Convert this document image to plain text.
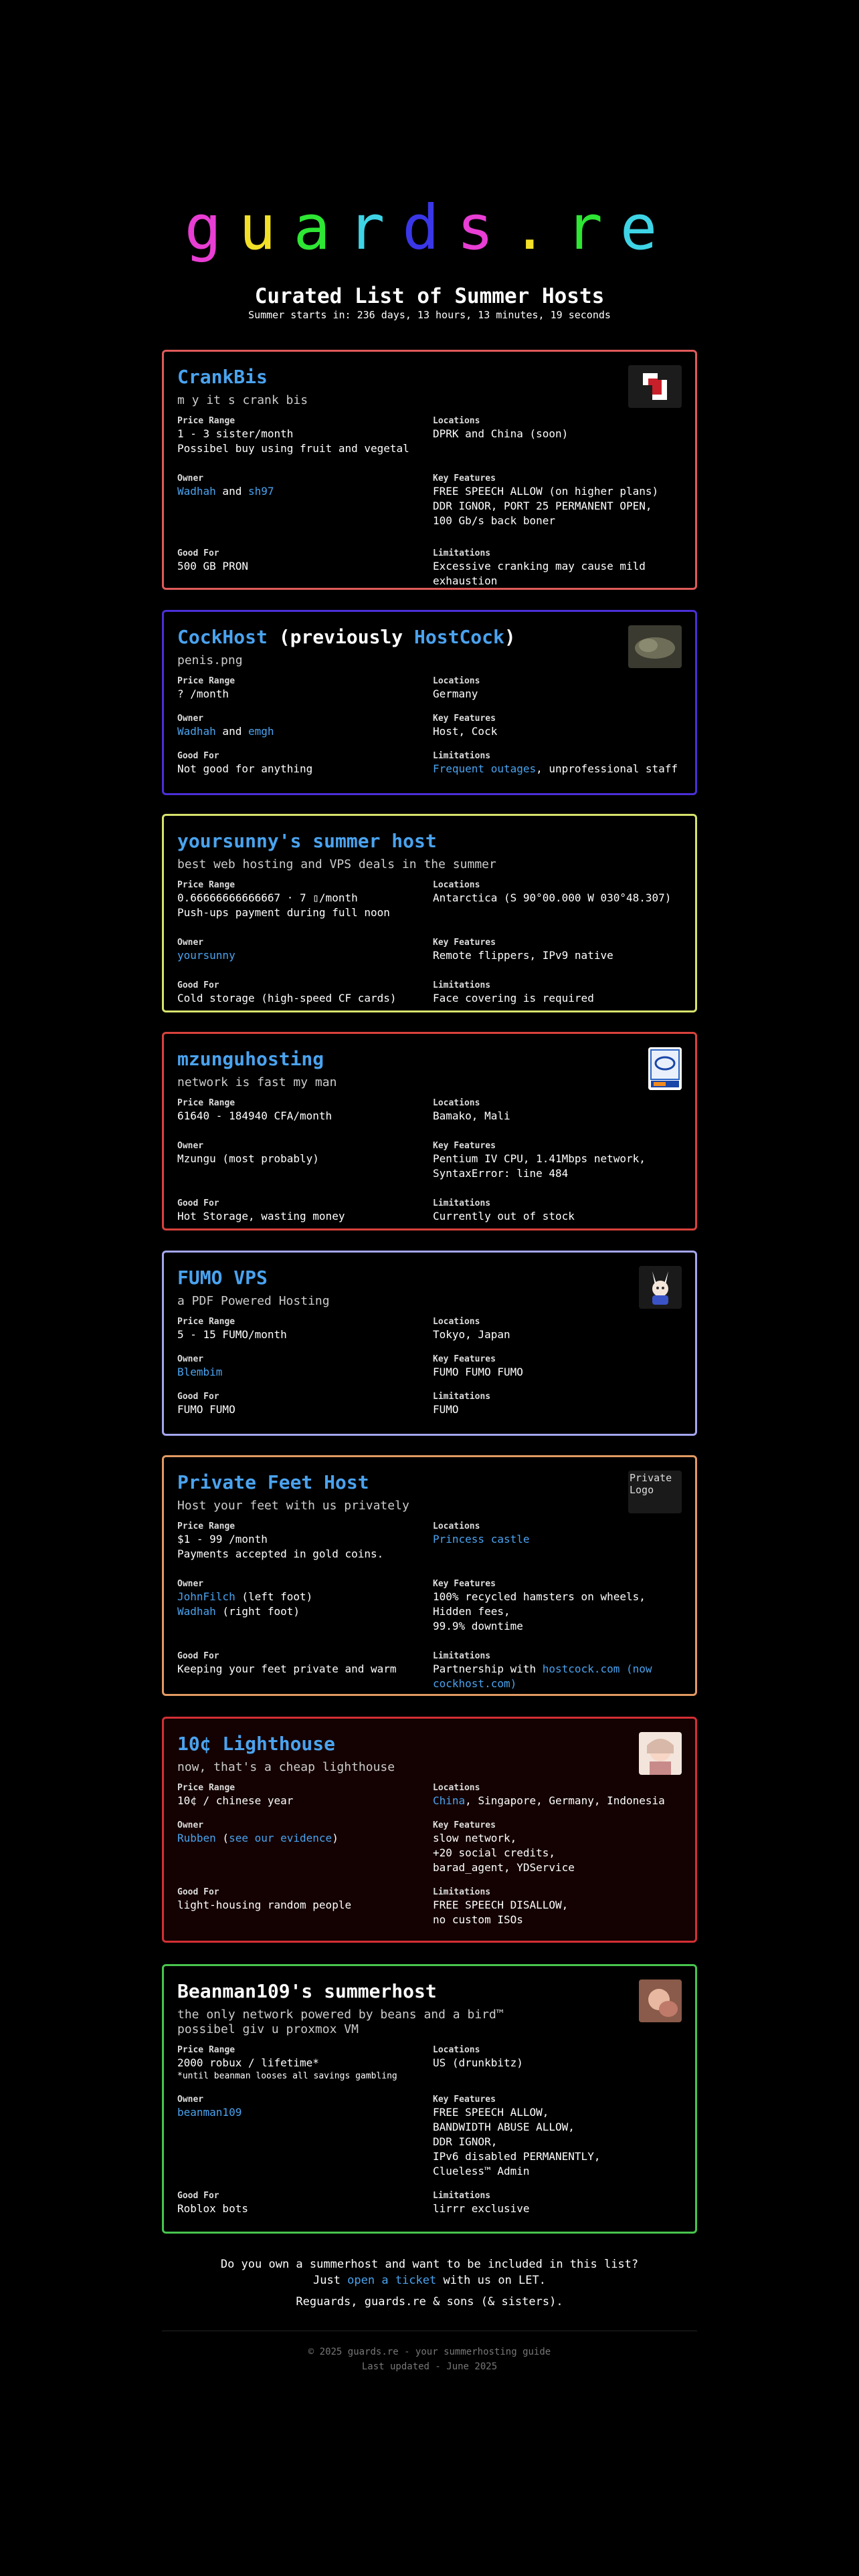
guards.re
Curated List of Summer Hosts
Summer starts in: 236 days, 13 hours, 13 minutes, 19 seconds
CrankBis
m y it s crank bis
Price Range
1 - 3 sister/month
Possibel buy using fruit and vegetal
Locations
DPRK and China (soon)
Owner
Wadhah and sh97
Key Features
FREE SPEECH ALLOW (on higher plans)
DDR IGNOR, PORT 25 PERMANENT OPEN,
100 Gb/s back boner
Good For
500 GB PRON
Limitations
Excessive cranking may cause mild
exhaustion
CockHost (previously HostCock)
penis.png
Price Range
? /month
Locations
Germany
Owner
Wadhah and emgh
Key Features
Host, Cock
Good For
Not good for anything
Limitations
Frequent outages, unprofessional staff
yoursunny's summer host
best web hosting and VPS deals in the summer
Price Range
0.66666666666667 · 7 ▯/month
Push-ups payment during full noon
Locations
Antarctica (S 90°00.000 W 030°48.307)
Owner
yoursunny
Key Features
Remote flippers, IPv9 native
Good For
Cold storage (high-speed CF cards)
Limitations
Face covering is required
mzunguhosting
network is fast my man
Price Range
61640 - 184940 CFA/month
Locations
Bamako, Mali
Owner
Mzungu (most probably)
Key Features
Pentium IV CPU, 1.41Mbps network,
SyntaxError: line 484
Good For
Hot Storage, wasting money
Limitations
Currently out of stock
FUMO VPS
a PDF Powered Hosting
Price Range
5 - 15 FUMO/month
Locations
Tokyo, Japan
Owner
Blembim
Key Features
FUMO FUMO FUMO
Good For
FUMO FUMO
Limitations
FUMO
Private Feet Host
Host your feet with us privately
Private Logo
Price Range
$1 - 99 /month
Payments accepted in gold coins.
Locations
Princess castle
Owner
JohnFilch (left foot)
Wadhah (right foot)
Key Features
100% recycled hamsters on wheels,
Hidden fees,
99.9% downtime
Good For
Keeping your feet private and warm
Limitations
Partnership with hostcock.com (now cockhost.com)
10¢ Lighthouse
now, that's a cheap lighthouse
Price Range
10¢ / chinese year
Locations
China, Singapore, Germany, Indonesia
Owner
Rubben (see our evidence)
Key Features
slow network,
+20 social credits,
barad_agent, YDService
Good For
light-housing random people
Limitations
FREE SPEECH DISALLOW,
no custom ISOs
Beanman109's summerhost
the only network powered by beans and a bird™
possibel giv u proxmox VM
Price Range
2000 robux / lifetime*
*until beanman looses all savings gambling
Locations
US (drunkbitz)
Owner
beanman109
Key Features
FREE SPEECH ALLOW,
BANDWIDTH ABUSE ALLOW,
DDR IGNOR,
IPv6 disabled PERMANENTLY,
Clueless™ Admin
Good For
Roblox bots
Limitations
lirrr exclusive
Do you own a summerhost and want to be included in this list?
Just open a ticket with us on LET.
Reguards, guards.re & sons (& sisters).
© 2025 guards.re - your summerhosting guide
Last updated - June 2025
